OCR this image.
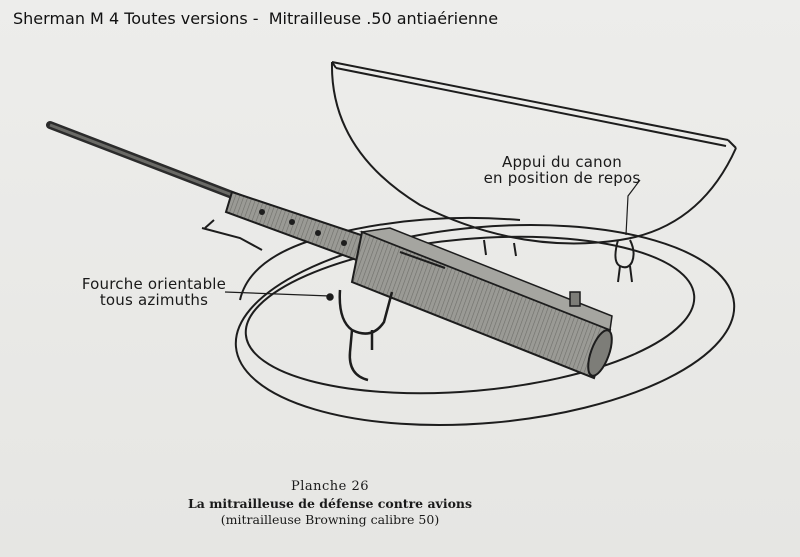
Sherman M 4 Toutes versions -  Mitrailleuse .50 antiaérienne
Fourche orientable
tous azimuths
Appui du canon
en position de repos
Planche 26
La mitrailleuse de défense contre avions
(mitrailleuse Browning calibre 50)
